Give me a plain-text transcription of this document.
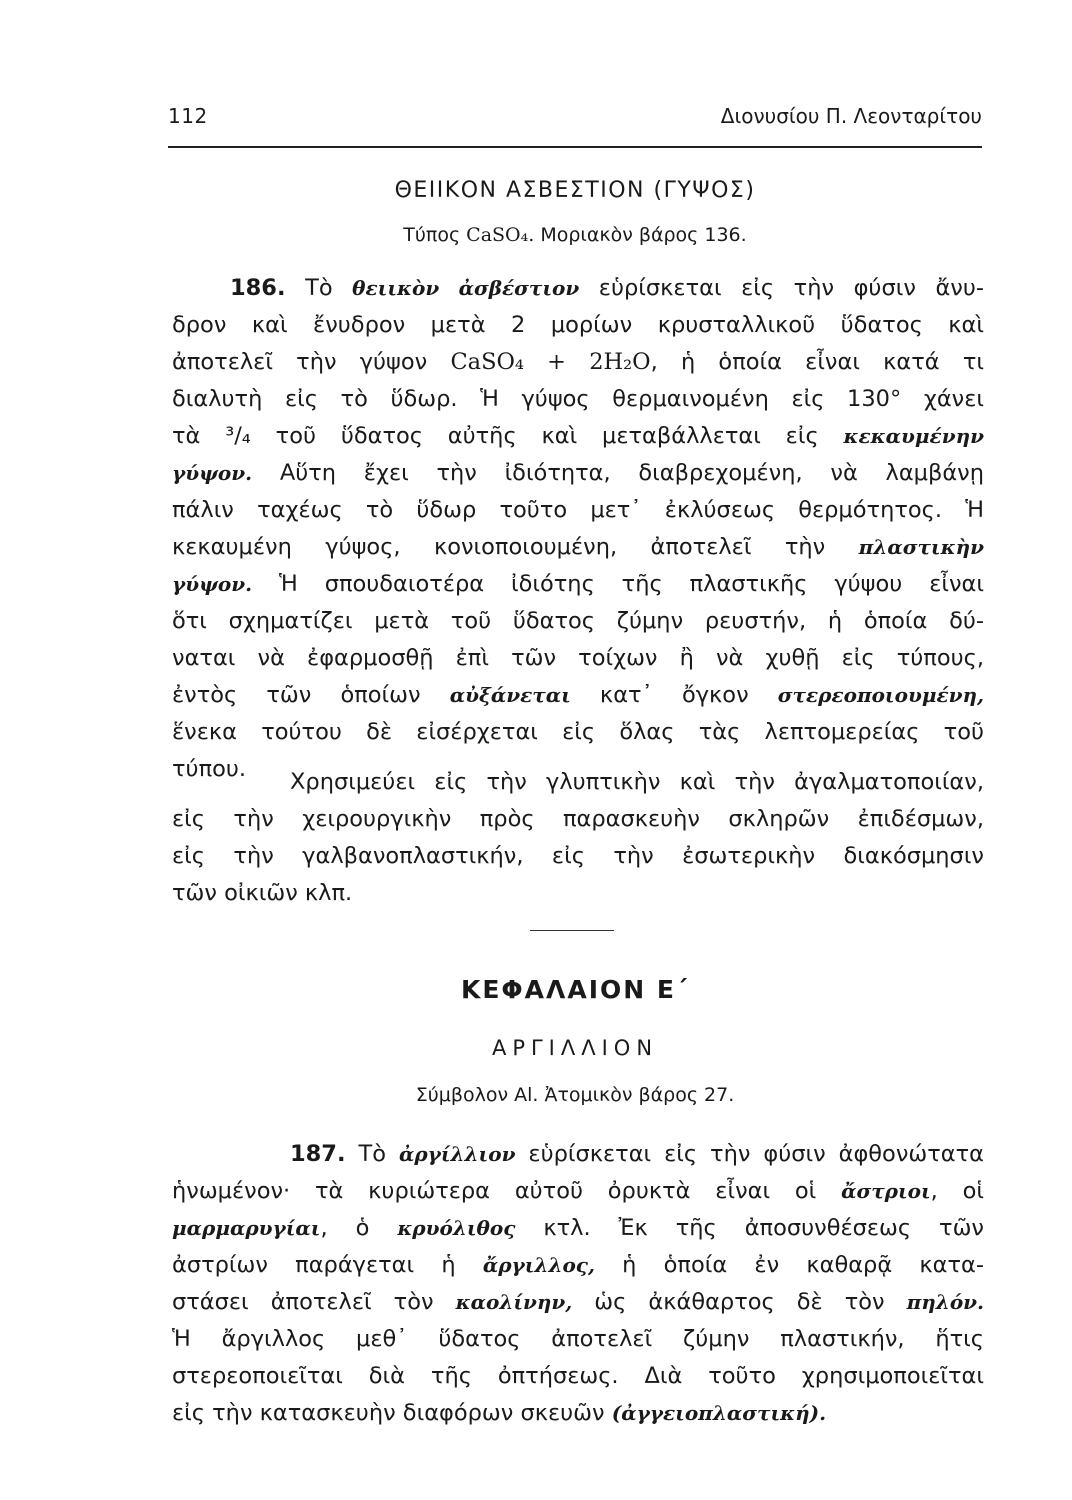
112	Διονυσίου Π. Λεονταρίτου
ΘΕΙΙΚΟΝ ΑΣΒΕΣΤΙΟΝ (ΓΥΨΟΣ)

Τύπος CaSO₄. Μοριακὸν βάρος 136.

186. Τὸ θειικὸν ἀσβέστιον εὑρίσκεται εἰς τὴν φύσιν ἄνυ-
δρον καὶ ἔνυδρον μετὰ 2 μορίων κρυσταλλικοῦ ὕδατος καὶ
ἀποτελεῖ τὴν γύψον CaSO₄ + 2H₂O, ἡ ὁποία εἶναι κατά τι
διαλυτὴ εἰς τὸ ὕδωρ. Ἡ γύψος θερμαινομένη εἰς 130° χάνει
τὰ ³/₄ τοῦ ὕδατος αὐτῆς καὶ μεταβάλλεται εἰς κεκαυμένην
γύψον. Αὕτη ἔχει τὴν ἰδιότητα, διαβρεχομένη, νὰ λαμβάνῃ
πάλιν ταχέως τὸ ὕδωρ τοῦτο μετ᾿ ἐκλύσεως θερμότητος. Ἡ
κεκαυμένη γύψος, κονιοποιουμένη, ἀποτελεῖ τὴν πλαστικὴν
γύψον. Ἡ σπουδαιοτέρα ἰδιότης τῆς πλαστικῆς γύψου εἶναι
ὅτι σχηματίζει μετὰ τοῦ ὕδατος ζύμην ρευστήν, ἡ ὁποία δύ-
ναται νὰ ἐφαρμοσθῇ ἐπὶ τῶν τοίχων ἢ νὰ χυθῇ εἰς τύπους,
ἐντὸς τῶν ὁποίων αὐξάνεται κατ᾿ ὄγκον στερεοποιουμένη,
ἕνεκα τούτου δὲ εἰσέρχεται εἰς ὅλας τὰς λεπτομερείας τοῦ
τύπου.	Χρησιμεύει εἰς τὴν γλυπτικὴν καὶ τὴν ἀγαλματοποιίαν,
εἰς τὴν χειρουργικὴν πρὸς παρασκευὴν σκληρῶν ἐπιδέσμων,
εἰς τὴν γαλβανοπλαστικήν, εἰς τὴν ἐσωτερικὴν διακόσμησιν
τῶν οἰκιῶν κλπ.
ΚΕΦΑΛΑΙΟΝ Ε΄
ΑΡΓΙΛΛΙΟΝ

Σύμβολον Al. Ἀτομικὸν βάρος 27.

187. Τὸ ἀργίλλιον εὑρίσκεται εἰς τὴν φύσιν ἀφθονώτατα
ἡνωμένον· τὰ κυριώτερα αὐτοῦ ὀρυκτὰ εἶναι οἱ ἄστριοι, οἱ
μαρμαρυγίαι, ὁ κρυόλιθος κτλ. Ἐκ τῆς ἀποσυνθέσεως τῶν
ἀστρίων παράγεται ἡ ἄργιλλος, ἡ ὁποία ἐν καθαρᾷ κατα-
στάσει ἀποτελεῖ τὸν καολίνην, ὡς ἀκάθαρτος δὲ τὸν πηλόν.
Ἡ ἄργιλλος μεθ᾿ ὕδατος ἀποτελεῖ ζύμην πλαστικήν, ἥτις
στερεοποιεῖται διὰ τῆς ὀπτήσεως. Διὰ τοῦτο χρησιμοποιεῖται
εἰς τὴν κατασκευὴν διαφόρων σκευῶν (ἀγγειοπλαστική).
